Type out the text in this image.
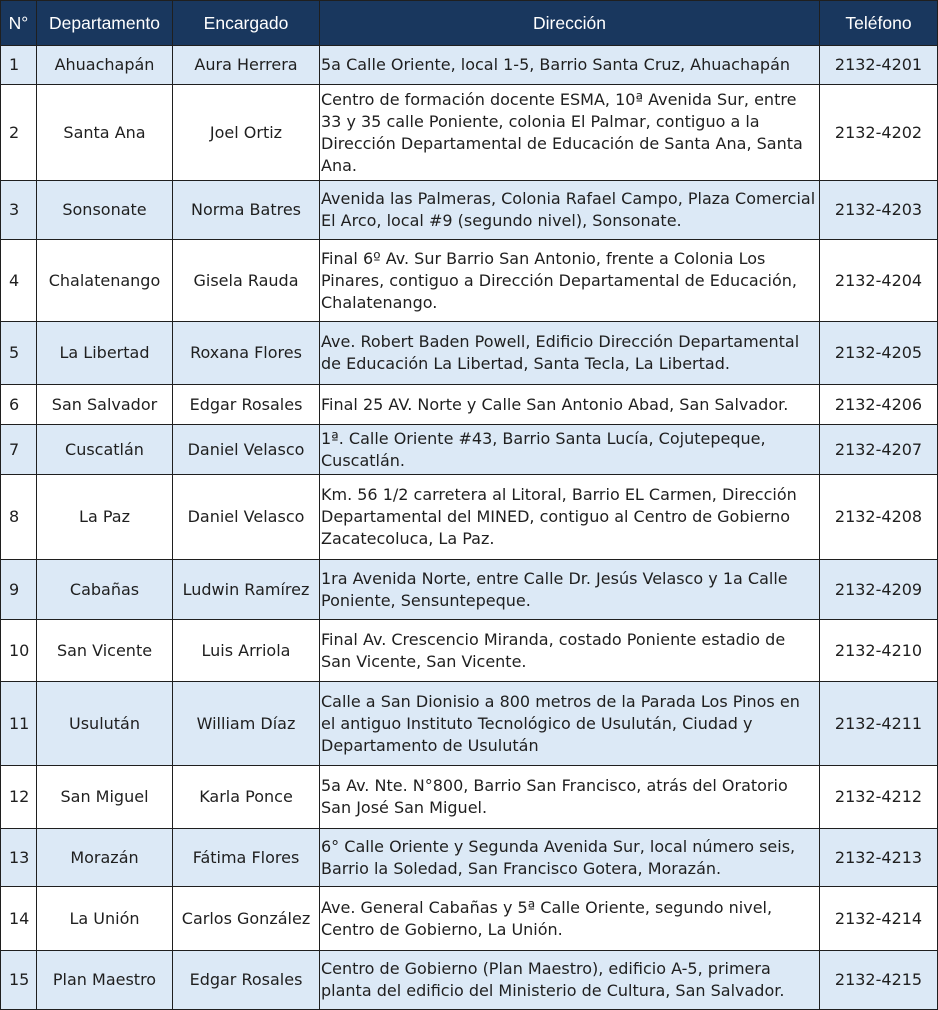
N°	Departamento	Encargado	Dirección	Teléfono
1	Ahuachapán	Aura Herrera	5a Calle Oriente, local 1-5, Barrio Santa Cruz, Ahuachapán	2132-4201
2	Santa Ana	Joel Ortiz	Centro de formación docente ESMA, 10ª Avenida Sur, entre 33 y 35 calle Poniente, colonia El Palmar, contiguo a la Dirección Departamental de Educación de Santa Ana, Santa Ana.	2132-4202
3	Sonsonate	Norma Batres	Avenida las Palmeras, Colonia Rafael Campo, Plaza Comercial El Arco, local #9 (segundo nivel), Sonsonate.	2132-4203
4	Chalatenango	Gisela Rauda	Final 6º Av. Sur Barrio San Antonio, frente a Colonia Los Pinares, contiguo a Dirección Departamental de Educación, Chalatenango.	2132-4204
5	La Libertad	Roxana Flores	Ave. Robert Baden Powell, Edificio Dirección Departamental de Educación La Libertad, Santa Tecla, La Libertad.	2132-4205
6	San Salvador	Edgar Rosales	Final 25 AV. Norte y Calle San Antonio Abad, San Salvador.	2132-4206
7	Cuscatlán	Daniel Velasco	1ª. Calle Oriente #43, Barrio Santa Lucía, Cojutepeque, Cuscatlán.	2132-4207
8	La Paz	Daniel Velasco	Km. 56 1/2 carretera al Litoral, Barrio EL Carmen, Dirección Departamental del MINED, contiguo al Centro de Gobierno Zacatecoluca, La Paz.	2132-4208
9	Cabañas	Ludwin Ramírez	1ra Avenida Norte, entre Calle Dr. Jesús Velasco y 1a Calle Poniente, Sensuntepeque.	2132-4209
10	San Vicente	Luis Arriola	Final Av. Crescencio Miranda, costado Poniente estadio de San Vicente, San Vicente.	2132-4210
11	Usulután	William Díaz	Calle a San Dionisio a 800 metros de la Parada Los Pinos en el antiguo Instituto Tecnológico de Usulután, Ciudad y Departamento de Usulután	2132-4211
12	San Miguel	Karla Ponce	5a Av. Nte. N°800, Barrio San Francisco, atrás del Oratorio San José San Miguel.	2132-4212
13	Morazán	Fátima Flores	6° Calle Oriente y Segunda Avenida Sur, local número seis, Barrio la Soledad, San Francisco Gotera, Morazán.	2132-4213
14	La Unión	Carlos González	Ave. General Cabañas y 5ª Calle Oriente, segundo nivel, Centro de Gobierno, La Unión.	2132-4214
15	Plan Maestro	Edgar Rosales	Centro de Gobierno (Plan Maestro), edificio A-5, primera planta del edificio del Ministerio de Cultura, San Salvador.	2132-4215
